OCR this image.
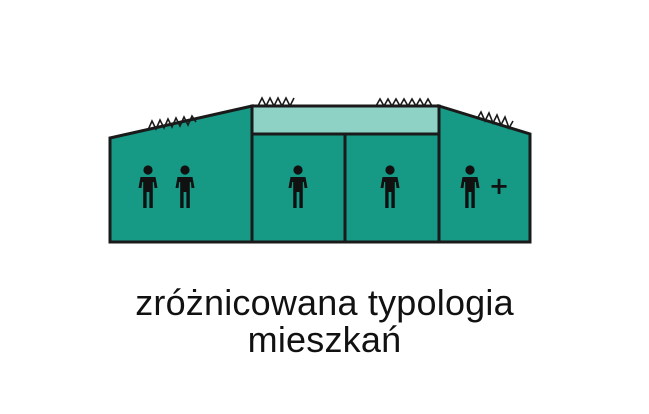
+
zróżnicowana typologia
mieszkań
